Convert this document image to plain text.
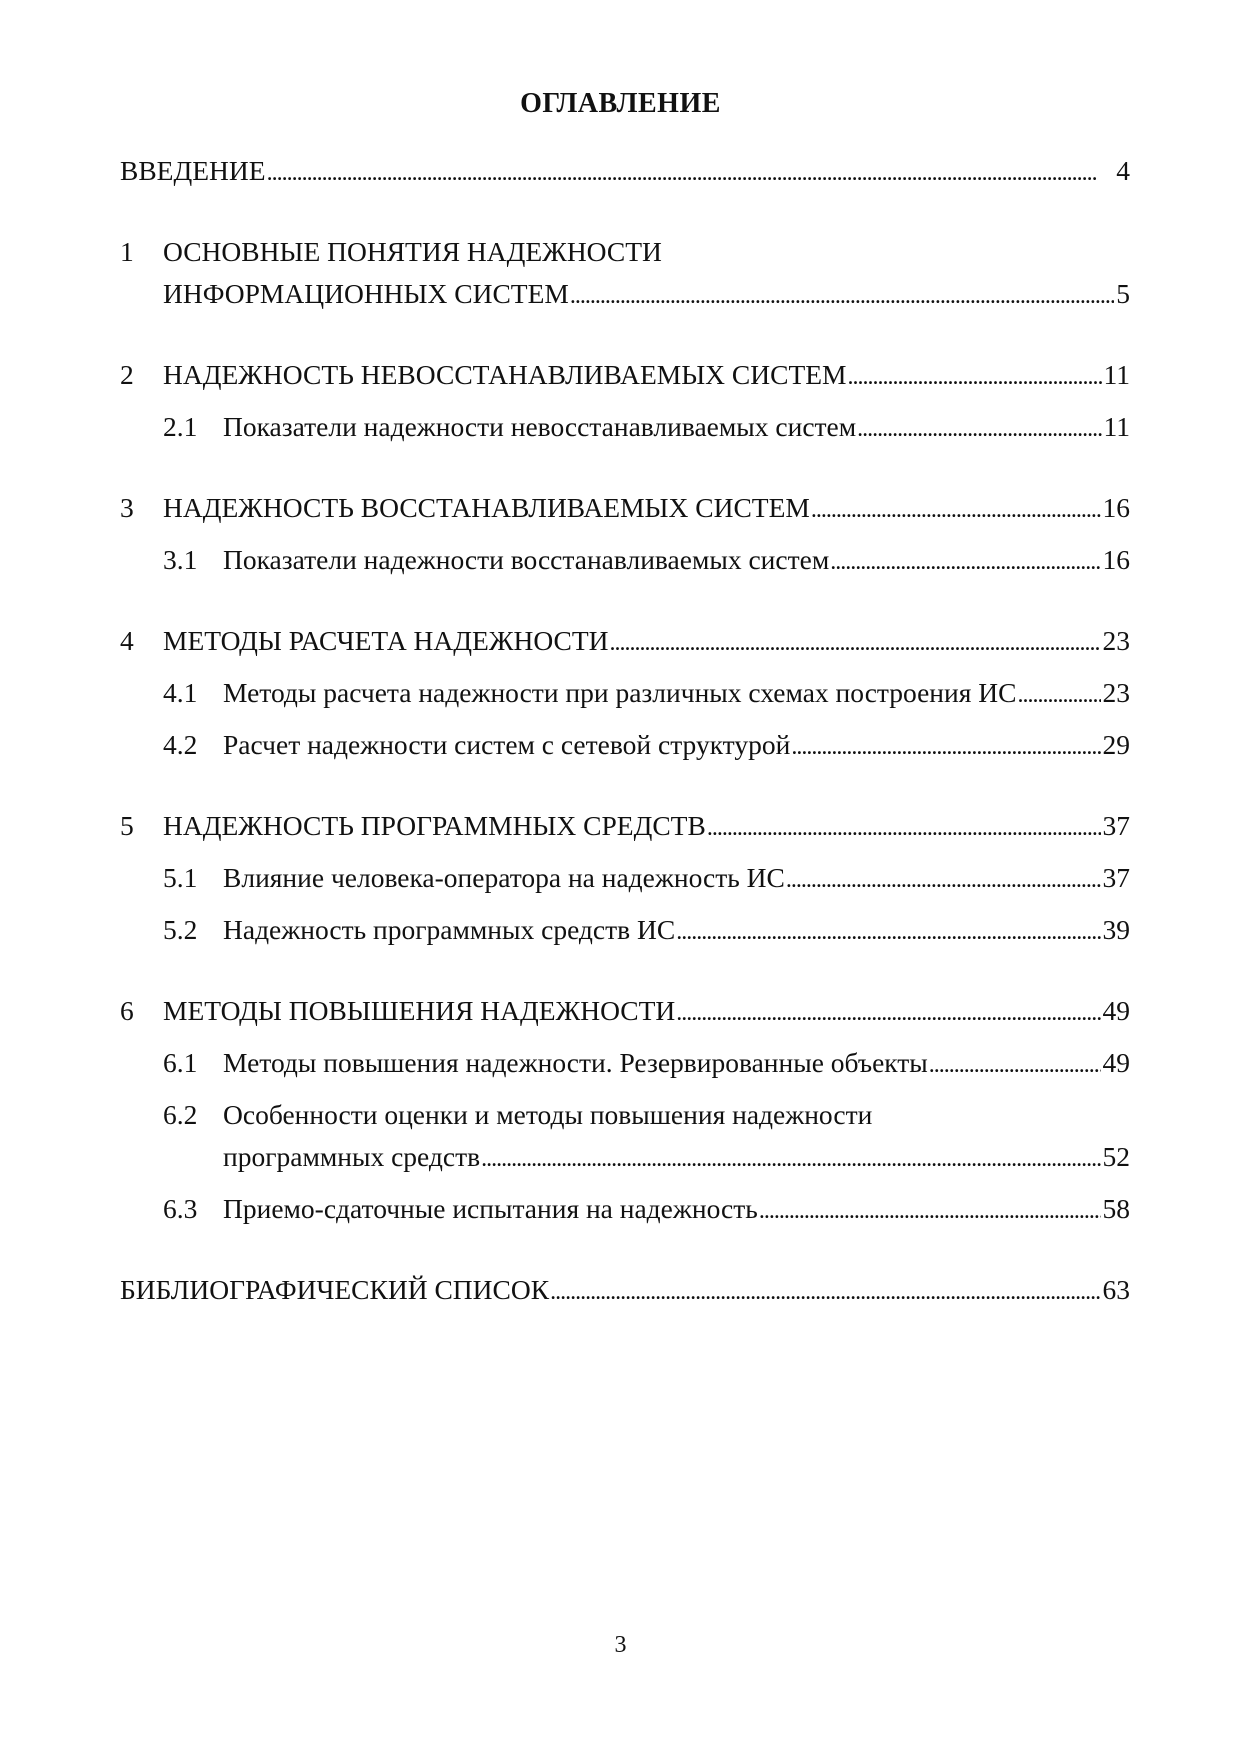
ОГЛАВЛЕНИЕ
ВВЕДЕНИЕ . . .	4
1 ОСНОВНЫЕ ПОНЯТИЯ НАДЕЖНОСТИ
ИНФОРМАЦИОННЫХ СИСТЕМ . . .	5
2 НАДЕЖНОСТЬ НЕВОССТАНАВЛИВАЕМЫХ СИСТЕМ . . .	11
2.1 Показатели надежности невосстанавливаемых систем . . .	11
3 НАДЕЖНОСТЬ ВОССТАНАВЛИВАЕМЫХ СИСТЕМ . . .	16
3.1 Показатели надежности восстанавливаемых систем . . .	16
4 МЕТОДЫ РАСЧЕТА НАДЕЖНОСТИ . . .	23
4.1 Методы расчета надежности при различных схемах построения ИС . . .	23
4.2 Расчет надежности систем с сетевой структурой . . .	29
5 НАДЕЖНОСТЬ ПРОГРАММНЫХ СРЕДСТВ . . .	37
5.1 Влияние человека-оператора на надежность ИС . . .	37
5.2 Надежность программных средств ИС . . .	39
6 МЕТОДЫ ПОВЫШЕНИЯ НАДЕЖНОСТИ . . .	49
6.1 Методы повышения надежности. Резервированные объекты . . .	49
6.2 Особенности оценки и методы повышения надежности
программных средств . . .	52
6.3 Приемо-сдаточные испытания на надежность . . .	58
БИБЛИОГРАФИЧЕСКИЙ СПИСОК . . .	63
3
